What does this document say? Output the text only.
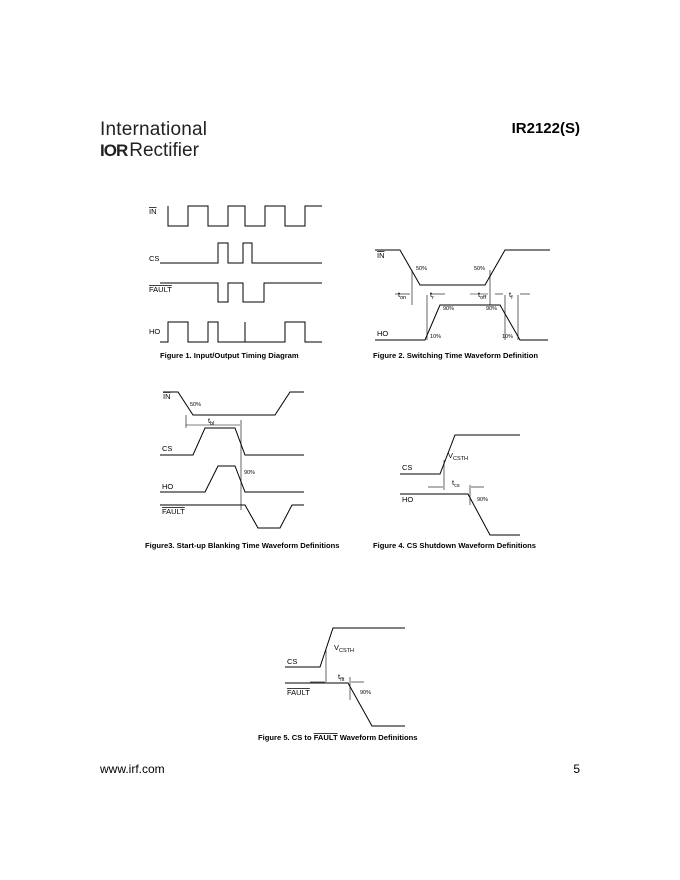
International
IOR Rectifier
IR2122(S)
IN
CS
FAULT
HO
Figure 1. Input/Output Timing Diagram
IN
HO
50%	50%
90%	90%
10%	10%
$t_{on}$	$t_r$	$t_{off}$	$t_f$
Figure 2. Switching Time Waveform Definition
IN
CS
HO
FAULT
50%
90%
$t_{bl}$
Figure3. Start-up Blanking Time Waveform Definitions
CS
HO
$V_{CSTH}$
$t_{cs}$
90%
Figure 4. CS Shutdown Waveform Definitions
CS
FAULT
$V_{CSTH}$
$t_{flt}$
90%
Figure 5. CS to FAULT Waveform Definitions
www.irf.com	5
